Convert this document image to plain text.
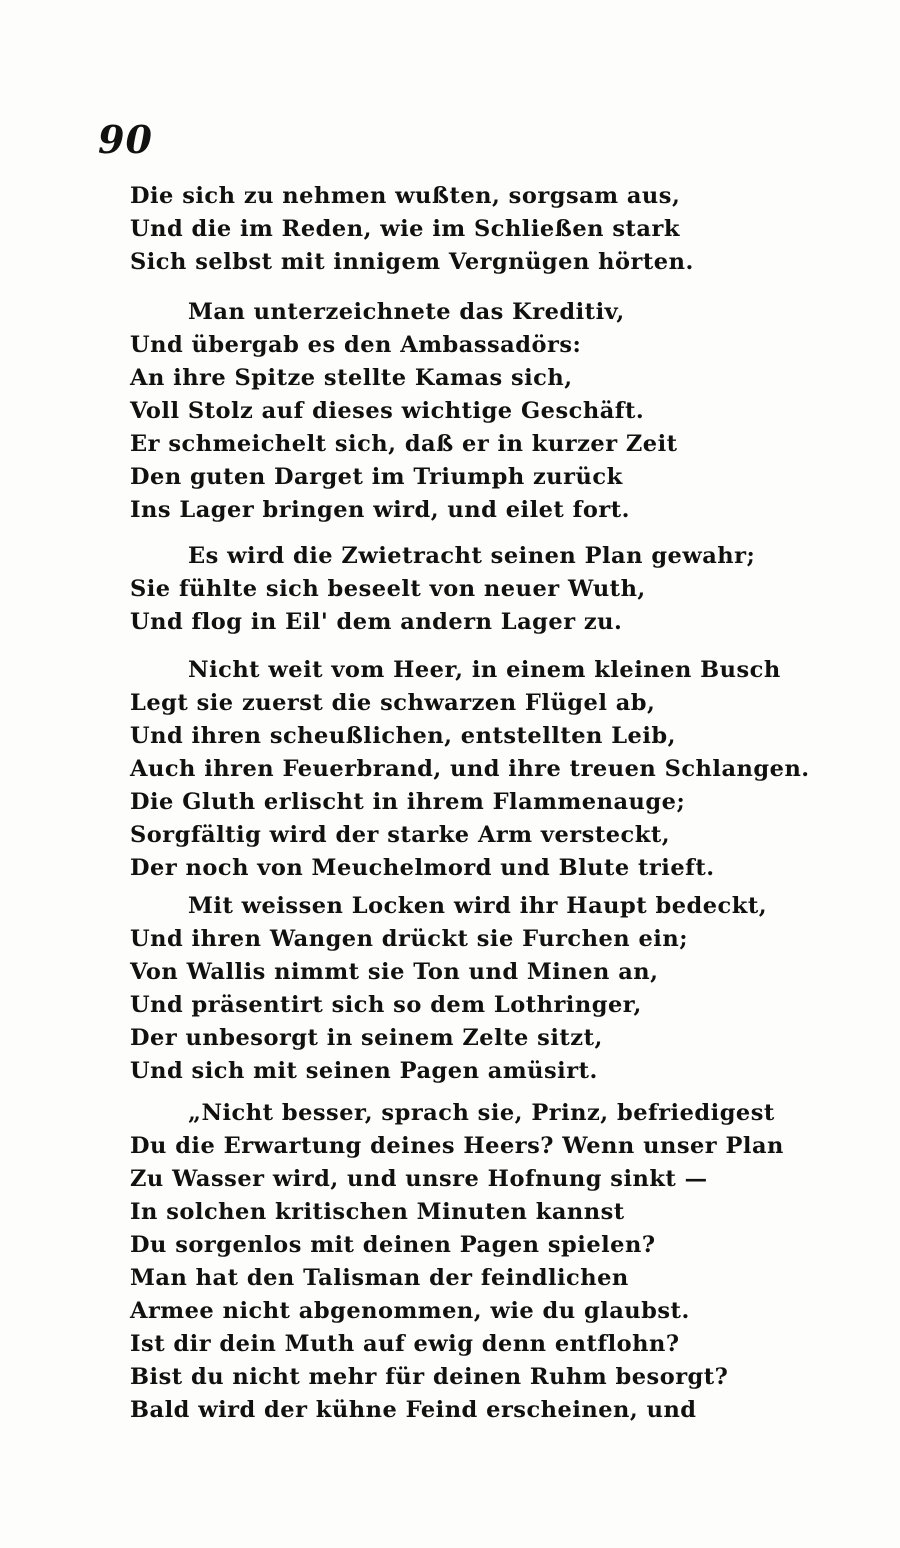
90
Die sich zu nehmen wußten, sorgsam aus,
Und die im Reden, wie im Schließen stark
Sich selbst mit innigem Vergnügen hörten.
Man unterzeichnete das Kreditiv,
Und übergab es den Ambassadörs:
An ihre Spitze stellte Kamas sich,
Voll Stolz auf dieses wichtige Geschäft.
Er schmeichelt sich, daß er in kurzer Zeit
Den guten Darget im Triumph zurück
Ins Lager bringen wird, und eilet fort.
Es wird die Zwietracht seinen Plan gewahr;
Sie fühlte sich beseelt von neuer Wuth,
Und flog in Eil' dem andern Lager zu.
Nicht weit vom Heer, in einem kleinen Busch
Legt sie zuerst die schwarzen Flügel ab,
Und ihren scheußlichen, entstellten Leib,
Auch ihren Feuerbrand, und ihre treuen Schlangen.
Die Gluth erlischt in ihrem Flammenauge;
Sorgfältig wird der starke Arm versteckt,
Der noch von Meuchelmord und Blute trieft.
Mit weissen Locken wird ihr Haupt bedeckt,
Und ihren Wangen drückt sie Furchen ein;
Von Wallis nimmt sie Ton und Minen an,
Und präsentirt sich so dem Lothringer,
Der unbesorgt in seinem Zelte sitzt,
Und sich mit seinen Pagen amüsirt.
„Nicht besser, sprach sie, Prinz, befriedigest
Du die Erwartung deines Heers? Wenn unser Plan
Zu Wasser wird, und unsre Hofnung sinkt —
In solchen kritischen Minuten kannst
Du sorgenlos mit deinen Pagen spielen?
Man hat den Talisman der feindlichen
Armee nicht abgenommen, wie du glaubst.
Ist dir dein Muth auf ewig denn entflohn?
Bist du nicht mehr für deinen Ruhm besorgt?
Bald wird der kühne Feind erscheinen, und
